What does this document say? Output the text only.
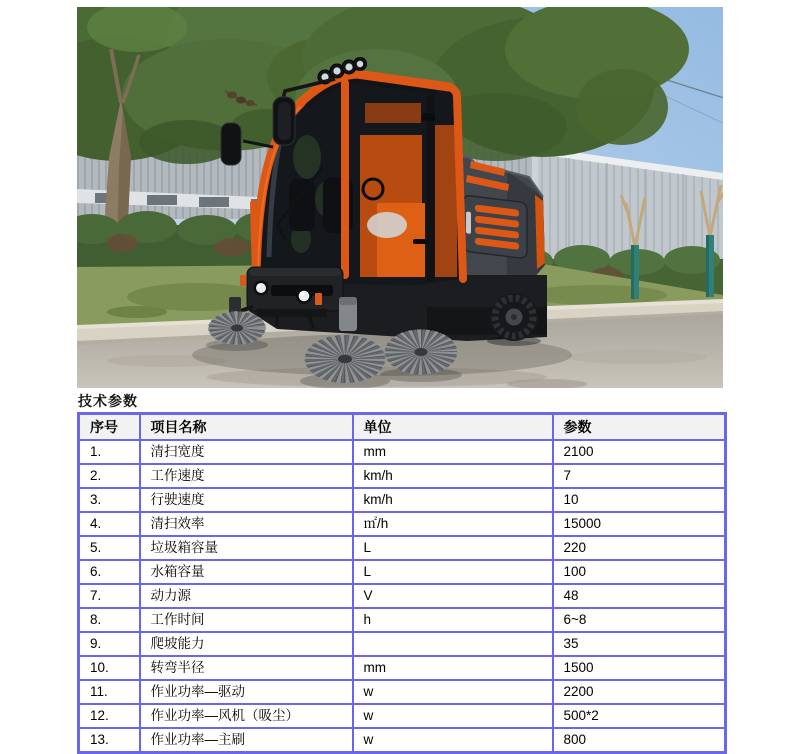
技术参数
序号	项目名称	单位	参数
1.	清扫宽度	mm	2100
2.	工作速度	km/h	7
3.	行驶速度	km/h	10
4.	清扫效率	㎡/h	15000
5.	垃圾箱容量	L	220
6.	水箱容量	L	100
7.	动力源	V	48
8.	工作时间	h	6~8
9.	爬坡能力		35
10.	转弯半径	mm	1500
11.	作业功率—驱动	w	2200
12.	作业功率—风机（吸尘）	w	500*2
13.	作业功率—主刷	w	800
